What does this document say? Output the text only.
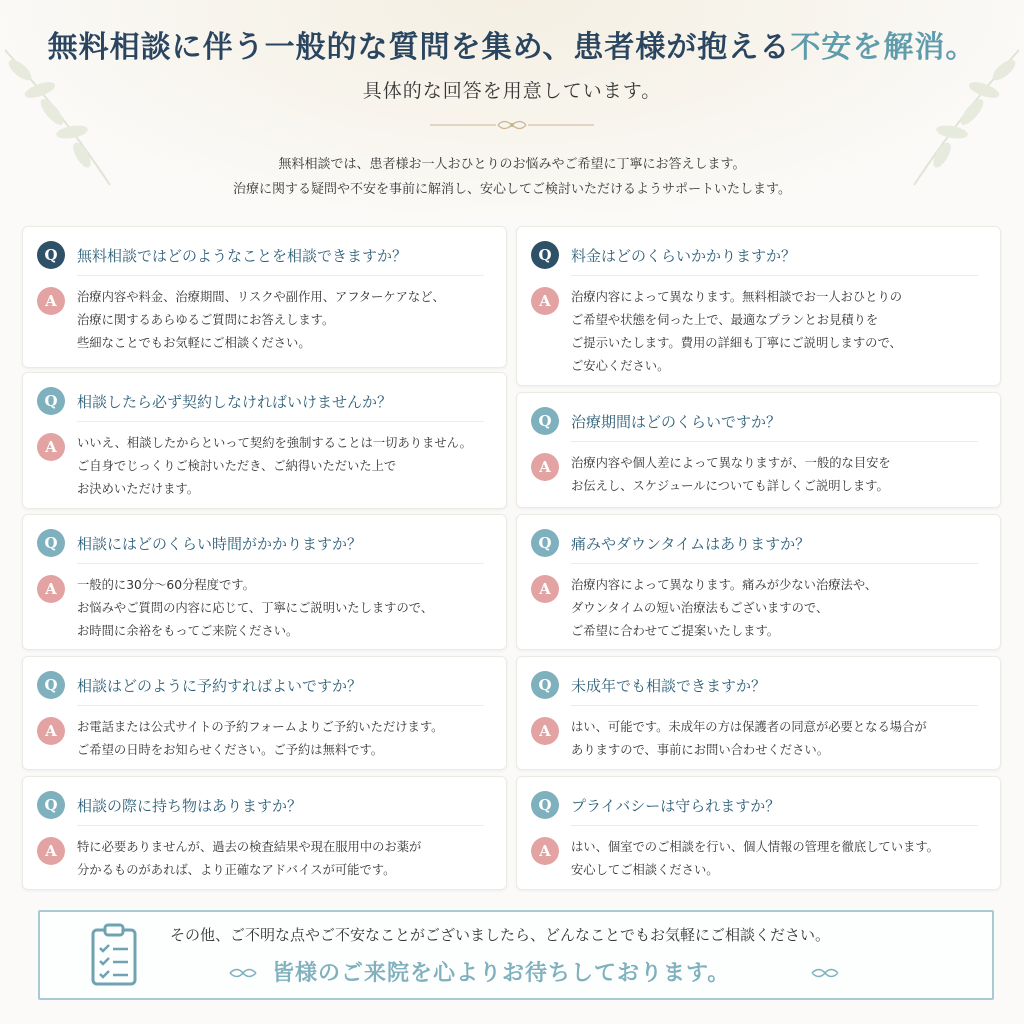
無料相談に伴う一般的な質問を集め、患者様が抱える不安を解消。
具体的な回答を用意しています。
無料相談では、患者様お一人おひとりのお悩みやご希望に丁寧にお答えします。
治療に関する疑問や不安を事前に解消し、安心してご検討いただけるようサポートいたします。
Q	無料相談ではどのようなことを相談できますか？
A	治療内容や料金、治療期間、リスクや副作用、アフターケアなど、
治療に関するあらゆるご質問にお答えします。
些細なことでもお気軽にご相談ください。
Q	相談したら必ず契約しなければいけませんか？
A	いいえ、相談したからといって契約を強制することは一切ありません。
ご自身でじっくりご検討いただき、ご納得いただいた上で
お決めいただけます。
Q	相談にはどのくらい時間がかかりますか？
A	一般的に30分～60分程度です。
お悩みやご質問の内容に応じて、丁寧にご説明いたしますので、
お時間に余裕をもってご来院ください。
Q	相談はどのように予約すればよいですか？
A	お電話または公式サイトの予約フォームよりご予約いただけます。
ご希望の日時をお知らせください。ご予約は無料です。
Q	相談の際に持ち物はありますか？
A	特に必要ありませんが、過去の検査結果や現在服用中のお薬が
分かるものがあれば、より正確なアドバイスが可能です。
Q	料金はどのくらいかかりますか？
A	治療内容によって異なります。無料相談でお一人おひとりの
ご希望や状態を伺った上で、最適なプランとお見積りを
ご提示いたします。費用の詳細も丁寧にご説明しますので、
ご安心ください。
Q	治療期間はどのくらいですか？
A	治療内容や個人差によって異なりますが、一般的な目安を
お伝えし、スケジュールについても詳しくご説明します。
Q	痛みやダウンタイムはありますか？
A	治療内容によって異なります。痛みが少ない治療法や、
ダウンタイムの短い治療法もございますので、
ご希望に合わせてご提案いたします。
Q	未成年でも相談できますか？
A	はい、可能です。未成年の方は保護者の同意が必要となる場合が
ありますので、事前にお問い合わせください。
Q	プライバシーは守られますか？
A	はい、個室でのご相談を行い、個人情報の管理を徹底しています。
安心してご相談ください。
その他、ご不明な点やご不安なことがございましたら、どんなことでもお気軽にご相談ください。
皆様のご来院を心よりお待ちしております。
